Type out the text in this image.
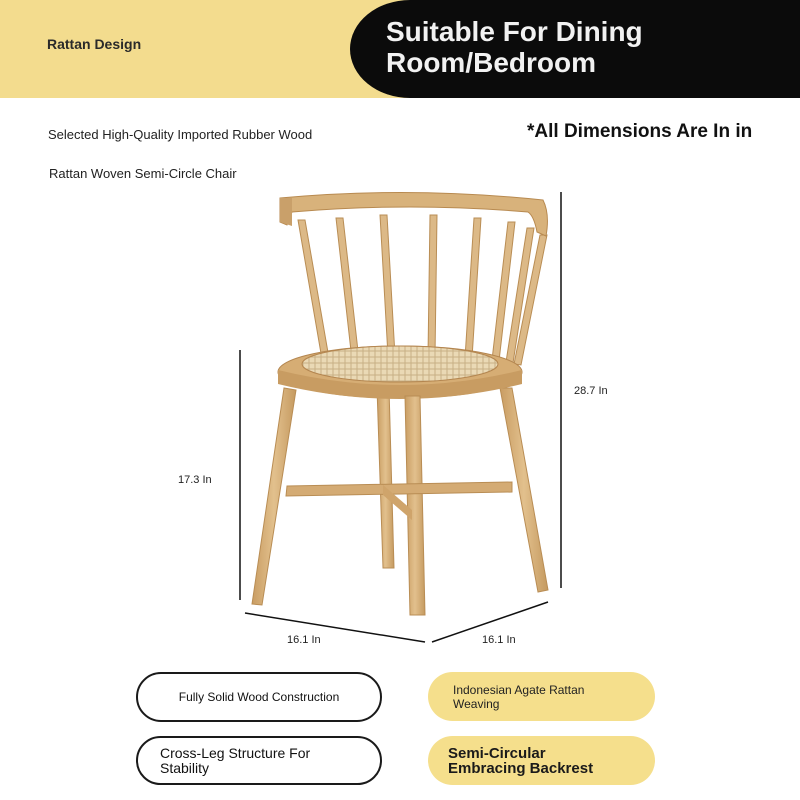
Rattan Design	Suitable For Dining Room/Bedroom
Selected High-Quality Imported Rubber Wood
Rattan Woven Semi-Circle Chair
*All Dimensions Are In in
28.7 In
17.3 In
16.1 In	16.1 In
Fully Solid Wood Construction
Cross-Leg Structure For Stability
Indonesian Agate Rattan Weaving
Semi-Circular Embracing Backrest
